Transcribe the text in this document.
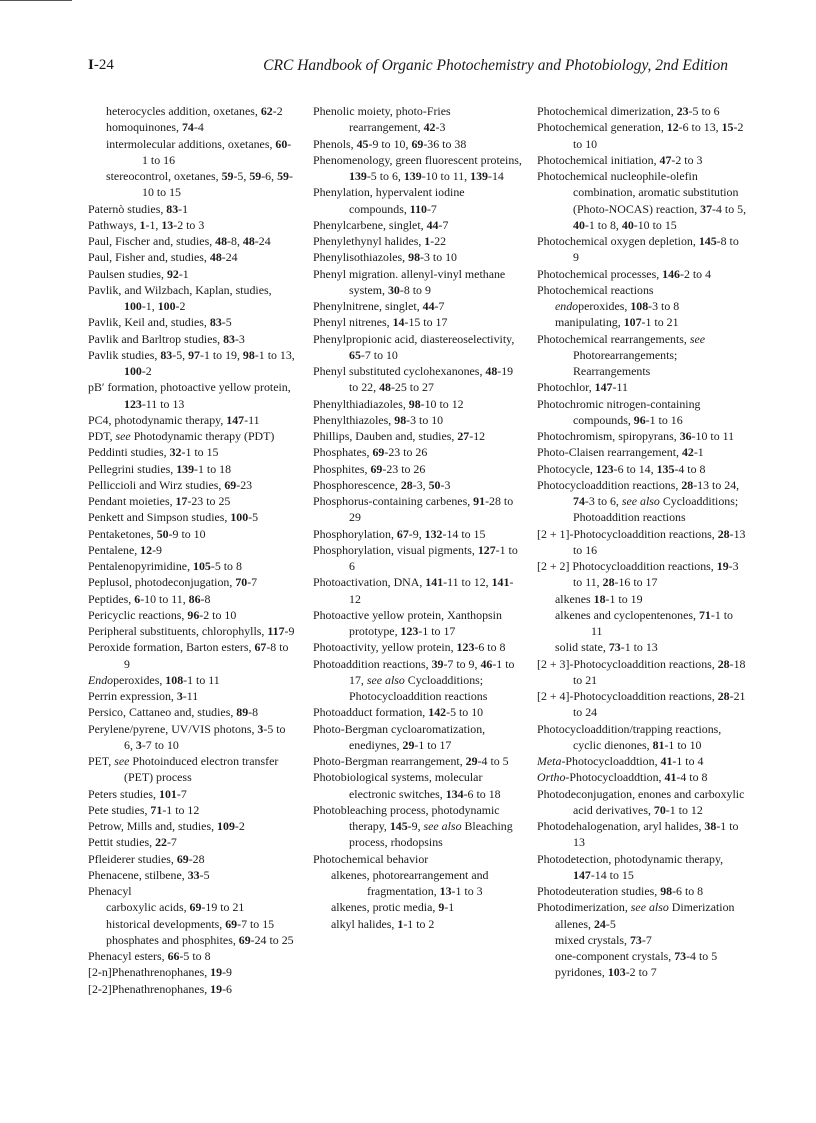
I-24	CRC Handbook of Organic Photochemistry and Photobiology, 2nd Edition
heterocycles addition, oxetanes, 62-2
homoquinones, 74-4
intermolecular additions, oxetanes, 60-1 to 16
stereocontrol, oxetanes, 59-5, 59-6, 59-10 to 15
Paternò studies, 83-1
Pathways, 1-1, 13-2 to 3
Paul, Fischer and, studies, 48-8, 48-24
Paul, Fisher and, studies, 48-24
Paulsen studies, 92-1
Pavlik, and Wilzbach, Kaplan, studies, 100-1, 100-2
Pavlik, Keil and, studies, 83-5
Pavlik and Barltrop studies, 83-3
Pavlik studies, 83-5, 97-1 to 19, 98-1 to 13, 100-2
pB′ formation, photoactive yellow protein, 123-11 to 13
PC4, photodynamic therapy, 147-11
PDT, see Photodynamic therapy (PDT)
Peddinti studies, 32-1 to 15
Pellegrini studies, 139-1 to 18
Pelliccioli and Wirz studies, 69-23
Pendant moieties, 17-23 to 25
Penkett and Simpson studies, 100-5
Pentaketones, 50-9 to 10
Pentalene, 12-9
Pentalenopyrimidine, 105-5 to 8
Peplusol, photodeconjugation, 70-7
Peptides, 6-10 to 11, 86-8
Pericyclic reactions, 96-2 to 10
Peripheral substituents, chlorophylls, 117-9
Peroxide formation, Barton esters, 67-8 to 9
Endoperoxides, 108-1 to 11
Perrin expression, 3-11
Persico, Cattaneo and, studies, 89-8
Perylene/pyrene, UV/VIS photons, 3-5 to 6, 3-7 to 10
PET, see Photoinduced electron transfer (PET) process
Peters studies, 101-7
Pete studies, 71-1 to 12
Petrow, Mills and, studies, 109-2
Pettit studies, 22-7
Pfleiderer studies, 69-28
Phenacene, stilbene, 33-5
Phenacyl
carboxylic acids, 69-19 to 21
historical developments, 69-7 to 15
phosphates and phosphites, 69-24 to 25
Phenacyl esters, 66-5 to 8
[2-n]Phenathrenophanes, 19-9
[2-2]Phenathrenophanes, 19-6
Phenolic moiety, photo-Fries rearrangement, 42-3
Phenols, 45-9 to 10, 69-36 to 38
Phenomenology, green fluorescent proteins, 139-5 to 6, 139-10 to 11, 139-14
Phenylation, hypervalent iodine compounds, 110-7
Phenylcarbene, singlet, 44-7
Phenylethynyl halides, 1-22
Phenylisothiazoles, 98-3 to 10
Phenyl migration. allenyl-vinyl methane system, 30-8 to 9
Phenylnitrene, singlet, 44-7
Phenyl nitrenes, 14-15 to 17
Phenylpropionic acid, diastereoselectivity, 65-7 to 10
Phenyl substituted cyclohexanones, 48-19 to 22, 48-25 to 27
Phenylthiadiazoles, 98-10 to 12
Phenylthiazoles, 98-3 to 10
Phillips, Dauben and, studies, 27-12
Phosphates, 69-23 to 26
Phosphites, 69-23 to 26
Phosphorescence, 28-3, 50-3
Phosphorus-containing carbenes, 91-28 to 29
Phosphorylation, 67-9, 132-14 to 15
Phosphorylation, visual pigments, 127-1 to 6
Photoactivation, DNA, 141-11 to 12, 141-12
Photoactive yellow protein, Xanthopsin prototype, 123-1 to 17
Photoactivity, yellow protein, 123-6 to 8
Photoaddition reactions, 39-7 to 9, 46-1 to 17, see also Cycloadditions; Photocycloaddition reactions
Photoadduct formation, 142-5 to 10
Photo-Bergman cycloaromatization, enediynes, 29-1 to 17
Photo-Bergman rearrangement, 29-4 to 5
Photobiological systems, molecular electronic switches, 134-6 to 18
Photobleaching process, photodynamic therapy, 145-9, see also Bleaching process, rhodopsins
Photochemical behavior
alkenes, photorearrangement and fragmentation, 13-1 to 3
alkenes, protic media, 9-1
alkyl halides, 1-1 to 2
Photochemical dimerization, 23-5 to 6
Photochemical generation, 12-6 to 13, 15-2 to 10
Photochemical initiation, 47-2 to 3
Photochemical nucleophile-olefin combination, aromatic substitution (Photo-NOCAS) reaction, 37-4 to 5, 40-1 to 8, 40-10 to 15
Photochemical oxygen depletion, 145-8 to 9
Photochemical processes, 146-2 to 4
Photochemical reactions
endoperoxides, 108-3 to 8
manipulating, 107-1 to 21
Photochemical rearrangements, see Photorearrangements; Rearrangements
Photochlor, 147-11
Photochromic nitrogen-containing compounds, 96-1 to 16
Photochromism, spiropyrans, 36-10 to 11
Photo-Claisen rearrangement, 42-1
Photocycle, 123-6 to 14, 135-4 to 8
Photocycloaddition reactions, 28-13 to 24, 74-3 to 6, see also Cycloadditions; Photoaddition reactions
[2 + 1]-Photocycloaddition reactions, 28-13 to 16
[2 + 2] Photocycloaddition reactions, 19-3 to 11, 28-16 to 17
alkenes 18-1 to 19
alkenes and cyclopentenones, 71-1 to 11
solid state, 73-1 to 13
[2 + 3]-Photocycloaddition reactions, 28-18 to 21
[2 + 4]-Photocycloaddition reactions, 28-21 to 24
Photocycloaddition/trapping reactions, cyclic dienones, 81-1 to 10
Meta-Photocycloaddtion, 41-1 to 4
Ortho-Photocycloaddtion, 41-4 to 8
Photodeconjugation, enones and carboxylic acid derivatives, 70-1 to 12
Photodehalogenation, aryl halides, 38-1 to 13
Photodetection, photodynamic therapy, 147-14 to 15
Photodeuteration studies, 98-6 to 8
Photodimerization, see also Dimerization
allenes, 24-5
mixed crystals, 73-7
one-component crystals, 73-4 to 5
pyridones, 103-2 to 7
